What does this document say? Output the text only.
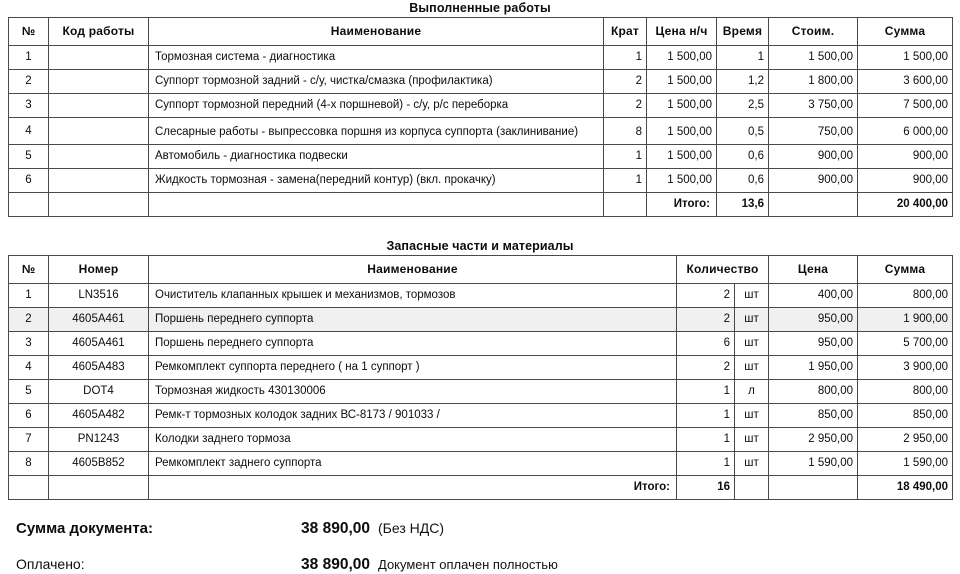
Выполненные работы
№	Код работы	Наименование	Крат	Цена н/ч	Время	Стоим.	Сумма
1		Тормозная система - диагностика	1	1 500,00	1	1 500,00	1 500,00
2		Суппорт тормозной задний - с/у, чистка/смазка (профилактика)	2	1 500,00	1,2	1 800,00	3 600,00
3		Суппорт тормозной передний (4-х поршневой) - с/у, р/с переборка	2	1 500,00	2,5	3 750,00	7 500,00
4		Слесарные работы - выпрессовка поршня из корпуса суппорта (заклинивание)	8	1 500,00	0,5	750,00	6 000,00
5		Автомобиль - диагностика подвески	1	1 500,00	0,6	900,00	900,00
6		Жидкость тормозная - замена(передний контур) (вкл. прокачку)	1	1 500,00	0,6	900,00	900,00
				Итого:	13,6		20 400,00
Запасные части и материалы
№	Номер	Наименование	Количество		Цена	Сумма
1	LN3516	Очиститель клапанных крышек и механизмов, тормозов	2	шт	400,00	800,00
2	4605A461	Поршень переднего суппорта	2	шт	950,00	1 900,00
3	4605A461	Поршень переднего суппорта	6	шт	950,00	5 700,00
4	4605A483	Ремкомплект суппорта переднего ( на 1 суппорт )	2	шт	1 950,00	3 900,00
5	DOT4	Тормозная жидкость 430130006	1	л	800,00	800,00
6	4605A482	Ремк-т тормозных колодок задних ВС-8173 / 901033 /	1	шт	850,00	850,00
7	PN1243	Колодки заднего тормоза	1	шт	2 950,00	2 950,00
8	4605B852	Ремкомплект заднего суппорта	1	шт	1 590,00	1 590,00
		Итого:	16			18 490,00
Сумма документа:	38 890,00 (Без НДС)
Оплачено:	38 890,00 Документ оплачен полностью
